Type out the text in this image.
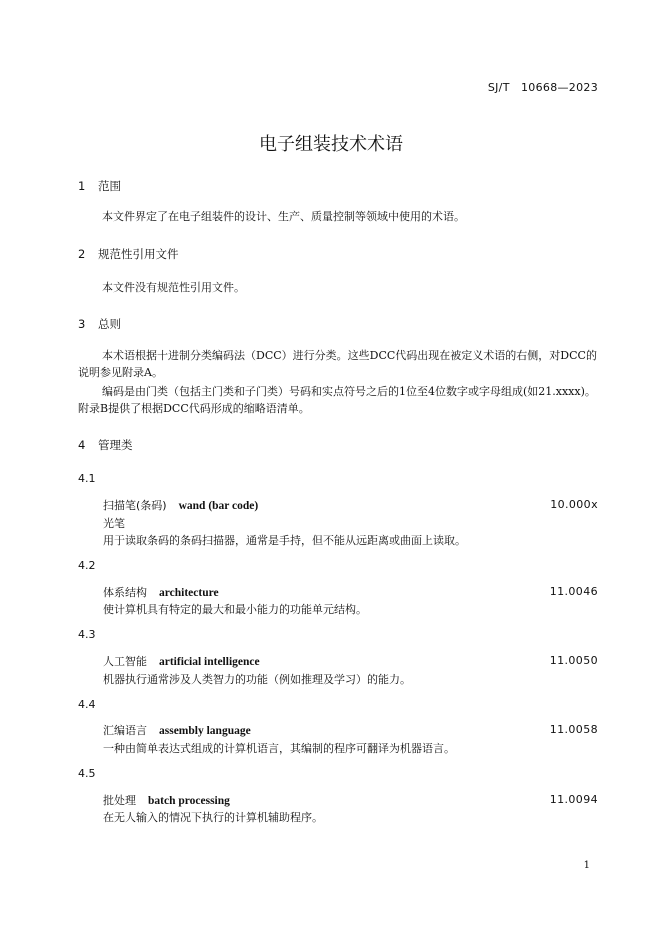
SJ/T　10668—2023
电子组装技术术语
1 范围
本文件界定了在电子组装件的设计、生产、质量控制等领域中使用的术语。
2 规范性引用文件
本文件没有规范性引用文件。
3 总则
本术语根据十进制分类编码法（DCC）进行分类。这些DCC代码出现在被定义术语的右侧，对DCC的说明参见附录A。
编码是由门类（包括主门类和子门类）号码和实点符号之后的1位至4位数字或字母组成(如21.xxxx)。附录B提供了根据DCC代码形成的缩略语清单。
4 管理类
4.1
扫描笔(条码) wand (bar code)	10.000x
光笔
用于读取条码的条码扫描器，通常是手持，但不能从远距离或曲面上读取。
4.2
体系结构 architecture	11.0046
使计算机具有特定的最大和最小能力的功能单元结构。
4.3
人工智能 artificial intelligence	11.0050
机器执行通常涉及人类智力的功能（例如推理及学习）的能力。
4.4
汇编语言 assembly language	11.0058
一种由简单表达式组成的计算机语言，其编制的程序可翻译为机器语言。
4.5
批处理 batch processing	11.0094
在无人输入的情况下执行的计算机辅助程序。
1
